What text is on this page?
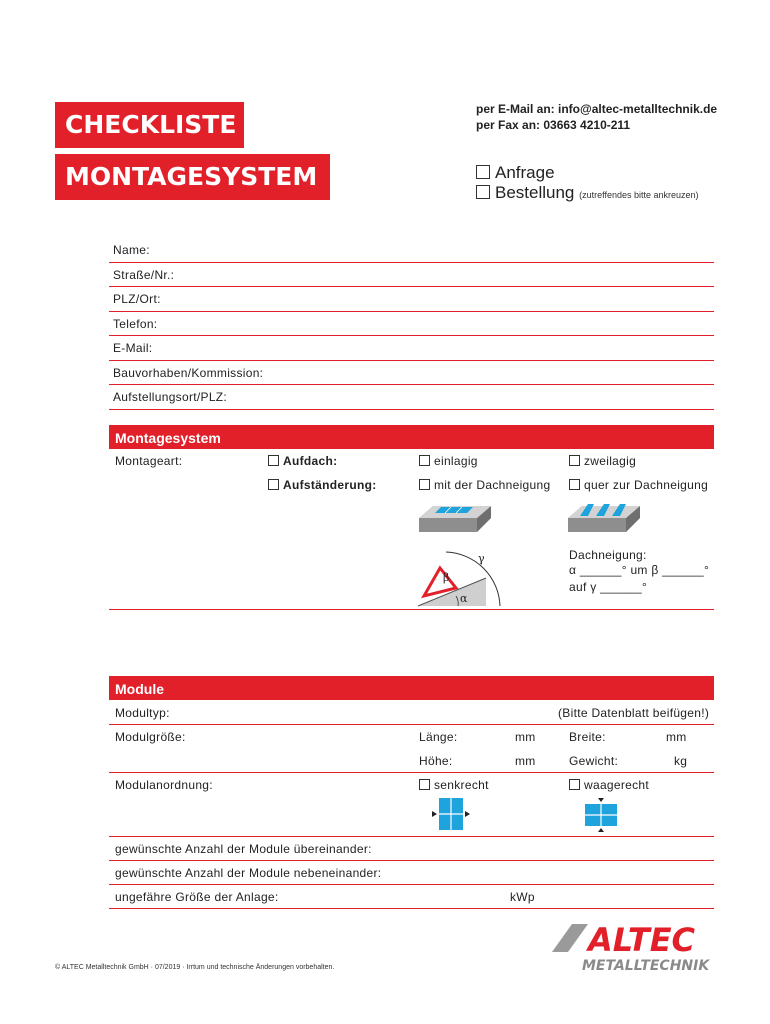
CHECKLISTE
MONTAGESYSTEM
per E-Mail an: info@altec-metalltechnik.de
per Fax an: 03663 4210-211
Anfrage
Bestellung (zutreffendes bitte ankreuzen)
Name:
Straße/Nr.:
PLZ/Ort:
Telefon:
E-Mail:
Bauvorhaben/Kommission:
Aufstellungsort/PLZ:
Montagesystem
Montageart:	Aufdach:	einlagig	zweilagig
Aufständerung:	mit der Dachneigung	quer zur Dachneigung
β
γ
α
Dachneigung:
α ______° um β ______°
auf γ ______°
Module
Modultyp:	(Bitte Datenblatt beifügen!)
Modulgröße:	Länge:	mm	Breite:	mm
Höhe:	mm	Gewicht:	kg
Modulanordnung:	senkrecht	waagerecht
gewünschte Anzahl der Module übereinander:
gewünschte Anzahl der Module nebeneinander:
ungefähre Größe der Anlage:	kWp
© ALTEC Metalltechnik GmbH · 07/2019 · Irrtum und technische Änderungen vorbehalten.
ALTEC
METALLTECHNIK
